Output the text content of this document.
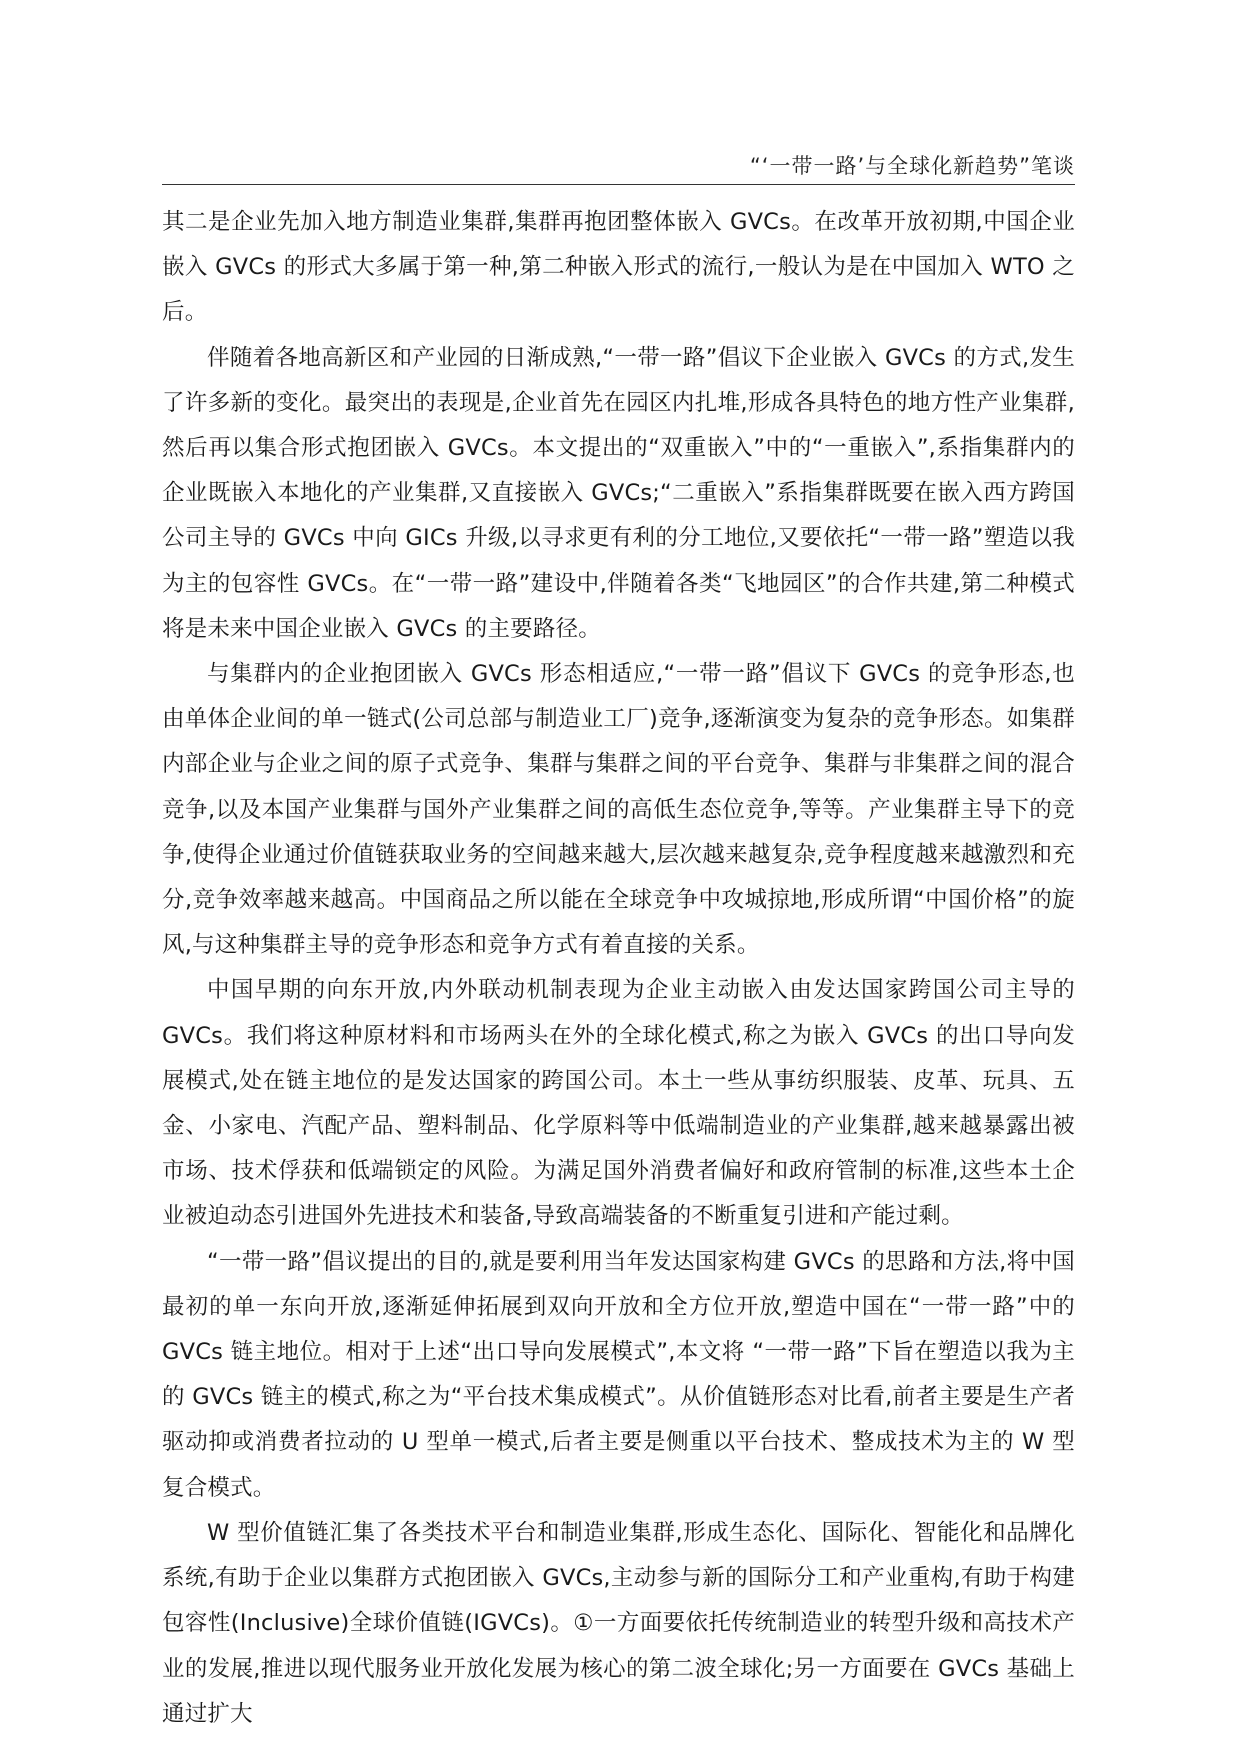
“‘一带一路’与全球化新趋势”笔谈

其二是企业先加入地方制造业集群,集群再抱团整体嵌入 GVCs。在改革开放初期,中国企业嵌入 GVCs 的形式大多属于第一种,第二种嵌入形式的流行,一般认为是在中国加入 WTO 之后。

伴随着各地高新区和产业园的日渐成熟,“一带一路”倡议下企业嵌入 GVCs 的方式,发生了许多新的变化。最突出的表现是,企业首先在园区内扎堆,形成各具特色的地方性产业集群,然后再以集合形式抱团嵌入 GVCs。本文提出的“双重嵌入”中的“一重嵌入”,系指集群内的企业既嵌入本地化的产业集群,又直接嵌入 GVCs;“二重嵌入”系指集群既要在嵌入西方跨国公司主导的 GVCs 中向 GICs 升级,以寻求更有利的分工地位,又要依托“一带一路”塑造以我为主的包容性 GVCs。在“一带一路”建设中,伴随着各类“飞地园区”的合作共建,第二种模式将是未来中国企业嵌入 GVCs 的主要路径。

与集群内的企业抱团嵌入 GVCs 形态相适应,“一带一路”倡议下 GVCs 的竞争形态,也由单体企业间的单一链式(公司总部与制造业工厂)竞争,逐渐演变为复杂的竞争形态。如集群内部企业与企业之间的原子式竞争、集群与集群之间的平台竞争、集群与非集群之间的混合竞争,以及本国产业集群与国外产业集群之间的高低生态位竞争,等等。产业集群主导下的竞争,使得企业通过价值链获取业务的空间越来越大,层次越来越复杂,竞争程度越来越激烈和充分,竞争效率越来越高。中国商品之所以能在全球竞争中攻城掠地,形成所谓“中国价格”的旋风,与这种集群主导的竞争形态和竞争方式有着直接的关系。

中国早期的向东开放,内外联动机制表现为企业主动嵌入由发达国家跨国公司主导的 GVCs。我们将这种原材料和市场两头在外的全球化模式,称之为嵌入 GVCs 的出口导向发展模式,处在链主地位的是发达国家的跨国公司。本土一些从事纺织服装、皮革、玩具、五金、小家电、汽配产品、塑料制品、化学原料等中低端制造业的产业集群,越来越暴露出被市场、技术俘获和低端锁定的风险。为满足国外消费者偏好和政府管制的标准,这些本土企业被迫动态引进国外先进技术和装备,导致高端装备的不断重复引进和产能过剩。

“一带一路”倡议提出的目的,就是要利用当年发达国家构建 GVCs 的思路和方法,将中国最初的单一东向开放,逐渐延伸拓展到双向开放和全方位开放,塑造中国在“一带一路”中的 GVCs 链主地位。相对于上述“出口导向发展模式”,本文将 “一带一路”下旨在塑造以我为主的 GVCs 链主的模式,称之为“平台技术集成模式”。从价值链形态对比看,前者主要是生产者驱动抑或消费者拉动的 U 型单一模式,后者主要是侧重以平台技术、整成技术为主的 W 型复合模式。

W 型价值链汇集了各类技术平台和制造业集群,形成生态化、国际化、智能化和品牌化系统,有助于企业以集群方式抱团嵌入 GVCs,主动参与新的国际分工和产业重构,有助于构建包容性(Inclusive)全球价值链(IGVCs)。①一方面要依托传统制造业的转型升级和高技术产业的发展,推进以现代服务业开放化发展为核心的第二波全球化;另一方面要在 GVCs 基础上通过扩大
